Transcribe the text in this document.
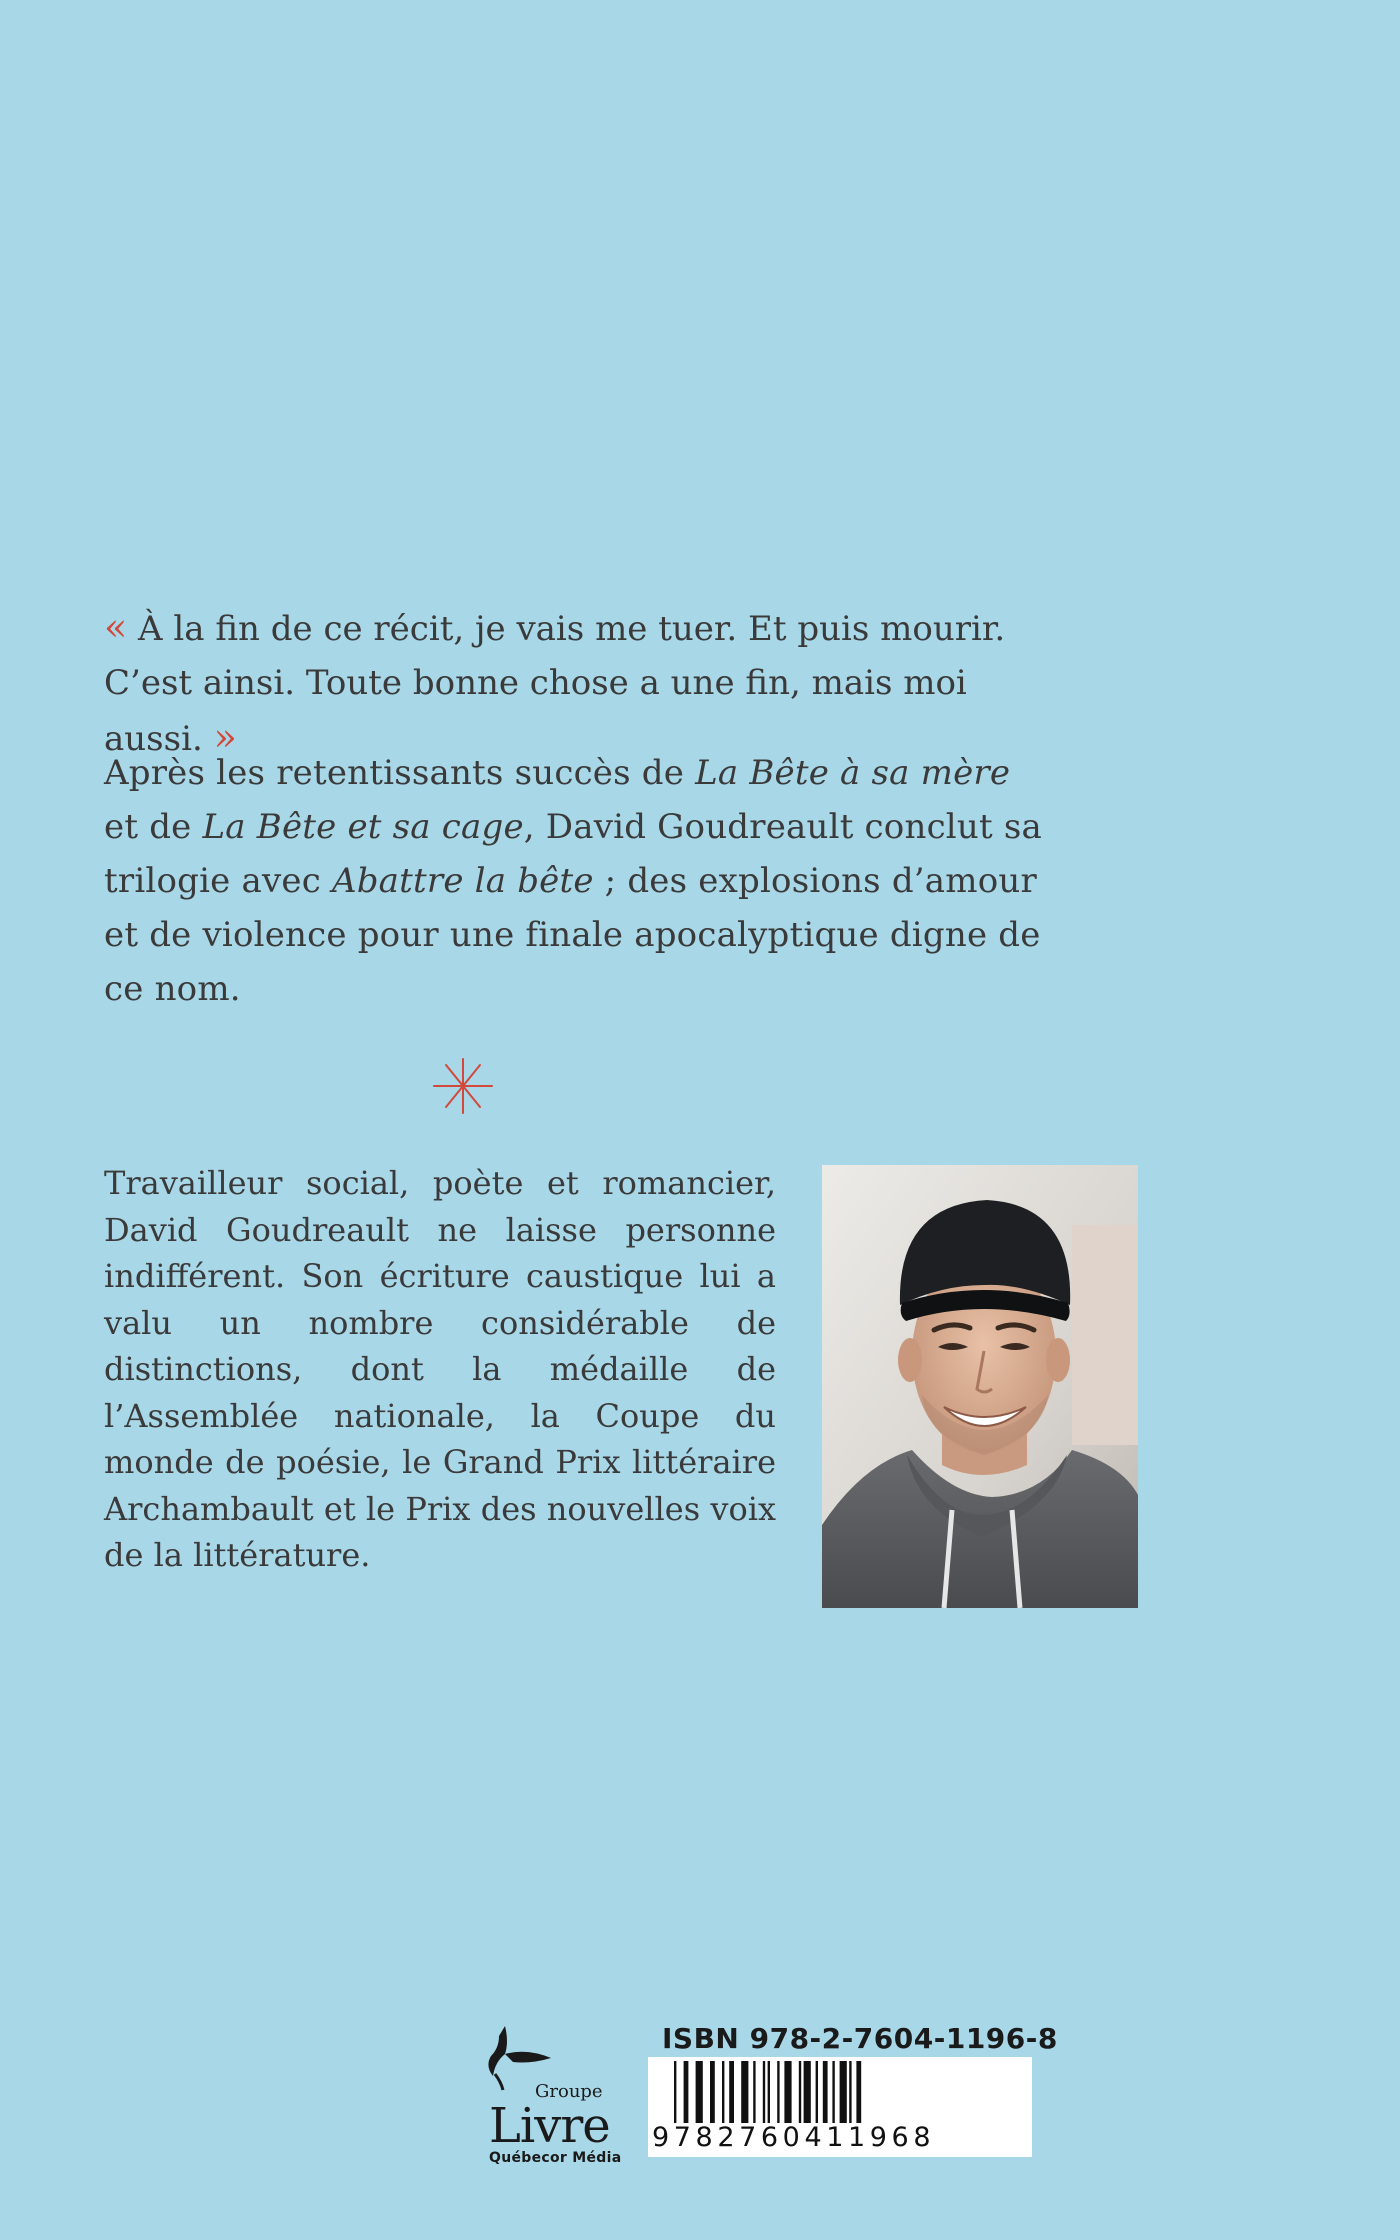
« À la fin de ce récit, je vais me tuer. Et puis mourir. C’est ainsi. Toute bonne chose a une fin, mais moi aussi. »
Après les retentissants succès de La Bête à sa mère et de La Bête et sa cage, David Goudreault conclut sa trilogie avec Abattre la bête ; des explosions d’amour et de violence pour une finale apocalyptique digne de ce nom.
Travailleur social, poète et romancier, David Goudreault ne laisse personne indifférent. Son écriture caustique lui a valu un nombre considérable de distinctions, dont la médaille de l’Assemblée nationale, la Coupe du monde de poésie, le Grand Prix littéraire Archambault et le Prix des nouvelles voix de la littérature.
Groupe
Livre
Québecor Média
ISBN 978-2-7604-1196-8
9782760411968
